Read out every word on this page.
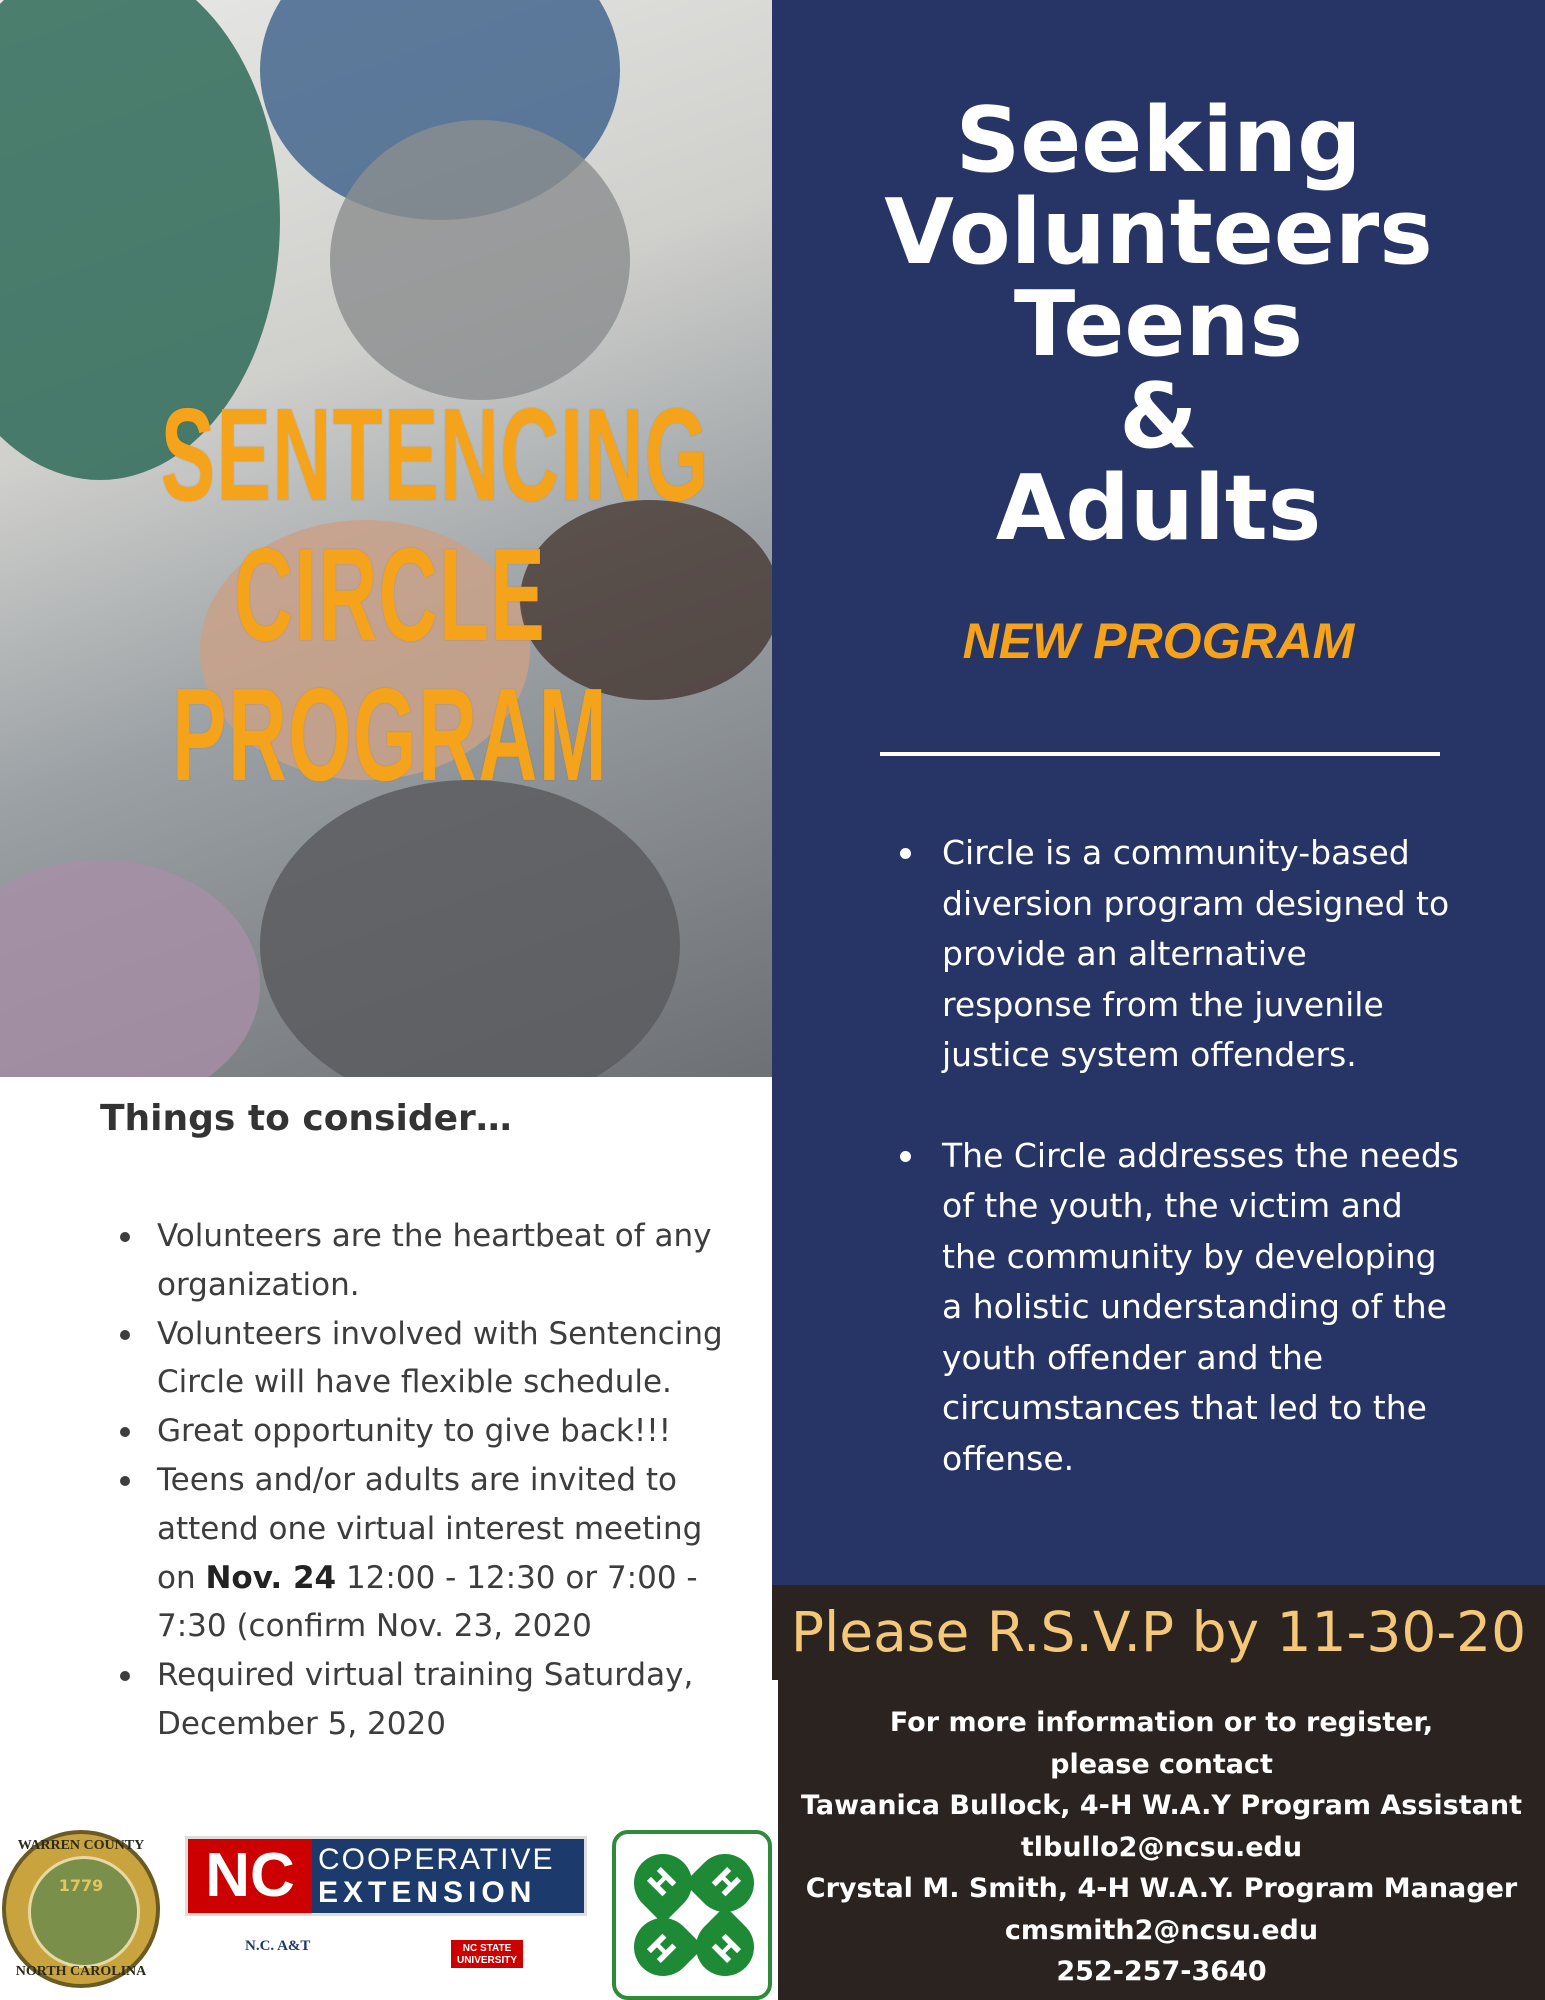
SENTENCING
CIRCLE
PROGRAM
Seeking
Volunteers
Teens
&
Adults
NEW PROGRAM
Circle is a community-based diversion program designed to provide an alternative response from the juvenile justice system offenders.
The Circle addresses the needs of the youth, the victim and the community by developing a holistic understanding of the youth offender and the circumstances that led to the offense.
Please R.S.V.P by 11-30-20
For more information or to register,
please contact
Tawanica Bullock, 4-H W.A.Y Program Assistant
tlbullo2@ncsu.edu
Crystal M. Smith, 4-H W.A.Y. Program Manager
cmsmith2@ncsu.edu
252-257-3640
Things to consider…
Volunteers are the heartbeat of any organization.
Volunteers involved with Sentencing Circle will have flexible schedule.
Great opportunity to give back!!!
Teens and/or adults are invited to attend one virtual interest meeting on Nov. 24 12:00 - 12:30 or 7:00 - 7:30 (confirm Nov. 23, 2020
Required virtual training Saturday, December 5, 2020
WARREN COUNTY
1779
NORTH CAROLINA
NC COOPERATIVE
EXTENSION
N.C. A&T	NC STATE UNIVERSITY
H H
H H
